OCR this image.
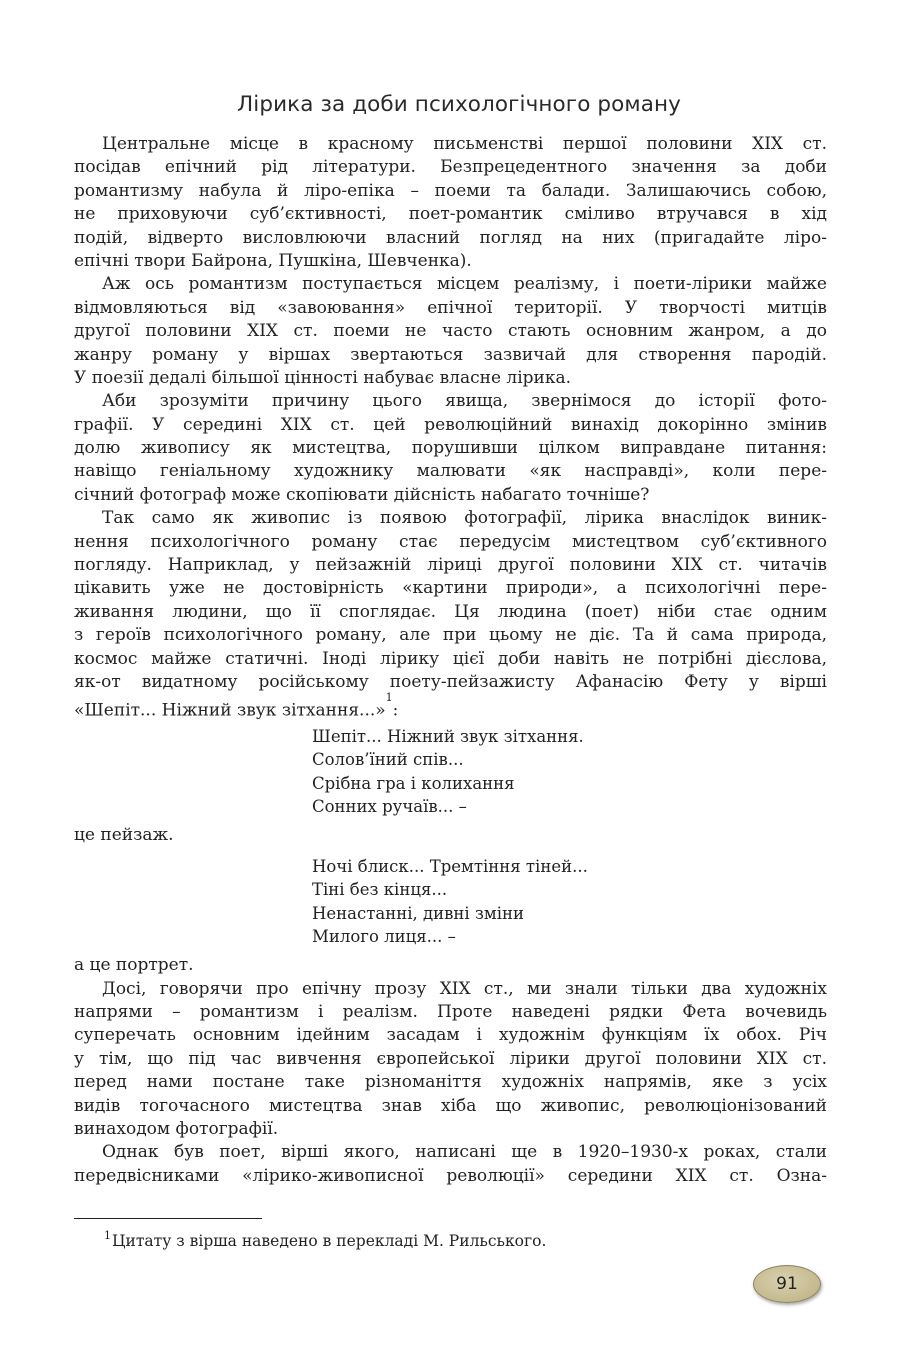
Лірика за доби психологічного роману
Центральне місце в красному письменстві першої половини XIX ст.
посідав епічний рід літератури. Безпрецедентного значення за доби
романтизму набула й ліро-епіка – поеми та балади. Залишаючись собою,
не приховуючи суб’єктивності, поет-романтик сміливо втручався в хід
подій, відверто висловлюючи власний погляд на них (пригадайте ліро-
епічні твори Байрона, Пушкіна, Шевченка).
Аж ось романтизм поступається місцем реалізму, і поети-лірики майже
відмовляються від «завоювання» епічної території. У творчості митців
другої половини XIX ст. поеми не часто стають основним жанром, а до
жанру роману у віршах звертаються зазвичай для створення пародій.
У поезії дедалі більшої цінності набуває власне лірика.
Аби зрозуміти причину цього явища, звернімося до історії фото-
графії. У середині XIX ст. цей революційний винахід докорінно змінив
долю живопису як мистецтва, порушивши цілком виправдане питання:
навіщо геніальному художнику малювати «як насправді», коли пере-
січний фотограф може скопіювати дійсність набагато точніше?
Так само як живопис із появою фотографії, лірика внаслідок виник-
нення психологічного роману стає передусім мистецтвом суб’єктивного
погляду. Наприклад, у пейзажній ліриці другої половини XIX ст. читачів
цікавить уже не достовірність «картини природи», а психологічні пере-
живання людини, що її споглядає. Ця людина (поет) ніби стає одним
з героїв психологічного роману, але при цьому не діє. Та й сама природа,
космос майже статичні. Іноді лірику цієї доби навіть не потрібні дієслова,
як-от видатному російському поету-пейзажисту Афанасію Фету у вірші
«Шепіт... Ніжний звук зітхання...»$^1$:
Шепіт... Ніжний звук зітхання.
Солов’їний спів...
Срібна гра і колихання
Сонних ручаїв... –
це пейзаж.
Ночі блиск... Тремтіння тіней...
Тіні без кінця...
Ненастанні, дивні зміни
Милого лиця... –
а це портрет.
Досі, говорячи про епічну прозу XIX ст., ми знали тільки два художніх
напрями – романтизм і реалізм. Проте наведені рядки Фета вочевидь
суперечать основним ідейним засадам і художнім функціям їх обох. Річ
у тім, що під час вивчення європейської лірики другої половини XIX ст.
перед нами постане таке різноманіття художніх напрямів, яке з усіх
видів тогочасного мистецтва знав хіба що живопис, революціонізований
винаходом фотографії.
Однак був поет, вірші якого, написані ще в 1920–1930-х роках, стали
передвісниками «лірико-живописної революції» середини XIX ст. Озна-
$^1$Цитату з вірша наведено в перекладі М. Рильського.
91
